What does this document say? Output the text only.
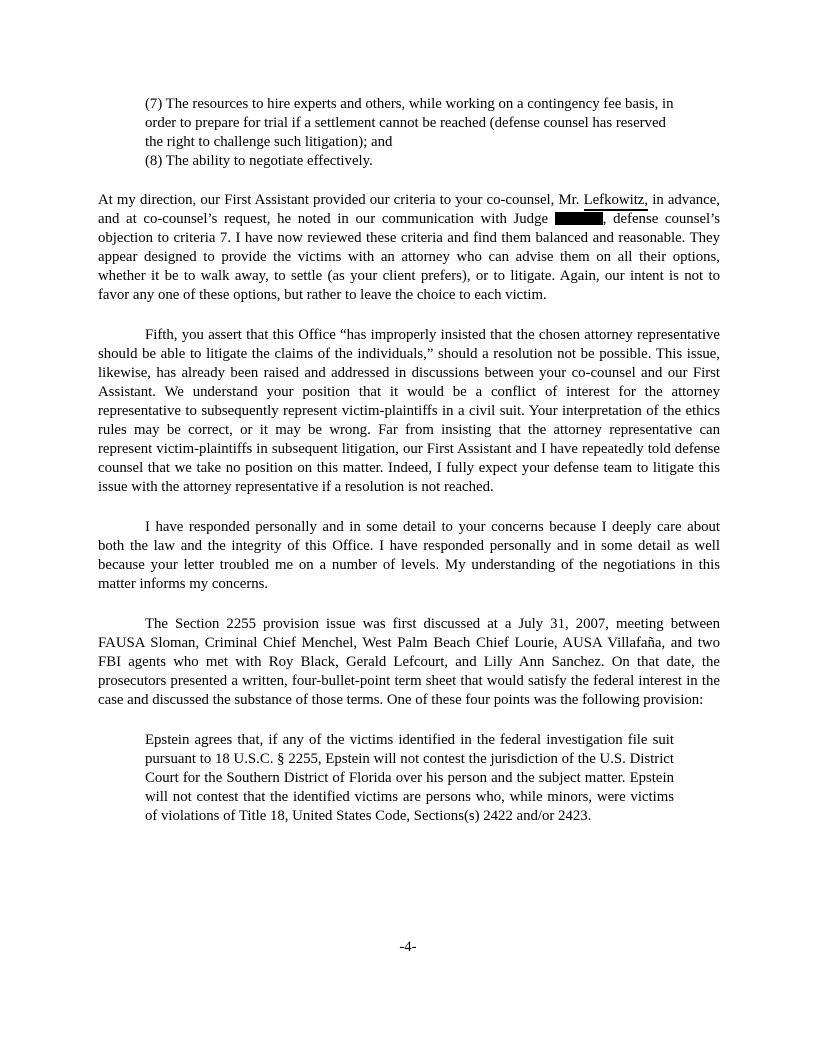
(7) The resources to hire experts and others, while working on a contingency fee basis, in order to prepare for trial if a settlement cannot be reached (defense counsel has reserved the right to challenge such litigation); and
(8) The ability to negotiate effectively.

At my direction, our First Assistant provided our criteria to your co-counsel, Mr. Lefkowitz, in advance, and at co-counsel’s request, he noted in our communication with Judge	, defense counsel’s objection to criteria 7. I have now reviewed these criteria and find them balanced and reasonable. They appear designed to provide the victims with an attorney who can advise them on all their options, whether it be to walk away, to settle (as your client prefers), or to litigate. Again, our intent is not to favor any one of these options, but rather to leave the choice to each victim.

Fifth, you assert that this Office “has improperly insisted that the chosen attorney representative should be able to litigate the claims of the individuals,” should a resolution not be possible. This issue, likewise, has already been raised and addressed in discussions between your co-counsel and our First Assistant. We understand your position that it would be a conflict of interest for the attorney representative to subsequently represent victim-plaintiffs in a civil suit. Your interpretation of the ethics rules may be correct, or it may be wrong. Far from insisting that the attorney representative can represent victim-plaintiffs in subsequent litigation, our First Assistant and I have repeatedly told defense counsel that we take no position on this matter. Indeed, I fully expect your defense team to litigate this issue with the attorney representative if a resolution is not reached.

I have responded personally and in some detail to your concerns because I deeply care about both the law and the integrity of this Office. I have responded personally and in some detail as well because your letter troubled me on a number of levels. My understanding of the negotiations in this matter informs my concerns.

The Section 2255 provision issue was first discussed at a July 31, 2007, meeting between FAUSA Sloman, Criminal Chief Menchel, West Palm Beach Chief Lourie, AUSA Villafaña, and two FBI agents who met with Roy Black, Gerald Lefcourt, and Lilly Ann Sanchez. On that date, the prosecutors presented a written, four-bullet-point term sheet that would satisfy the federal interest in the case and discussed the substance of those terms. One of these four points was the following provision:

Epstein agrees that, if any of the victims identified in the federal investigation file suit pursuant to 18 U.S.C. § 2255, Epstein will not contest the jurisdiction of the U.S. District Court for the Southern District of Florida over his person and the subject matter. Epstein will not contest that the identified victims are persons who, while minors, were victims of violations of Title 18, United States Code, Sections(s) 2422 and/or 2423.
-4-
